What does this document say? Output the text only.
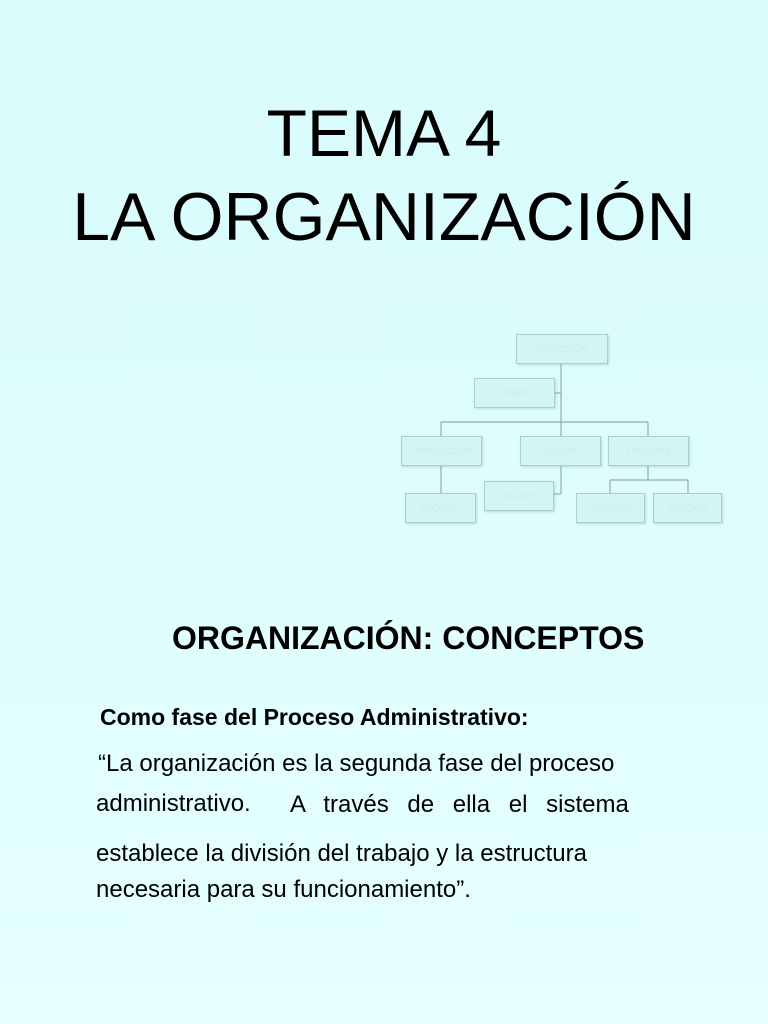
TEMA 4
LA ORGANIZACIÓN
DIRECCIÓN
STAFF
PRODUCCIÓN	VENTAS	FINANZAS
SECCIÓN
SECCIÓN
SECCIÓN	SECCIÓN
ORGANIZACIÓN: CONCEPTOS
Como fase del Proceso Administrativo:
“La organización es la segunda fase del proceso
administrativo. A través de ella el sistema
establece la división del trabajo y la estructura
necesaria para su funcionamiento”.
